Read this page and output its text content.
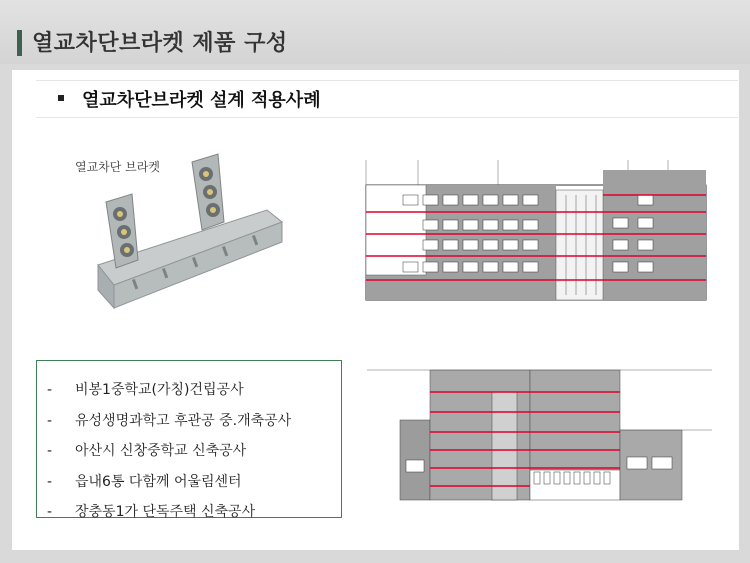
열교차단브라켓 제품 구성
열교차단브라켓 설계 적용사례
열교차단 브라켓
- 비봉1중학교(가칭)건립공사
- 유성생명과학고 후관공 중.개축공사
- 아산시 신창중학교 신축공사
- 읍내6통 다함께 어울림센터
- 장충동1가 단독주택 신축공사
